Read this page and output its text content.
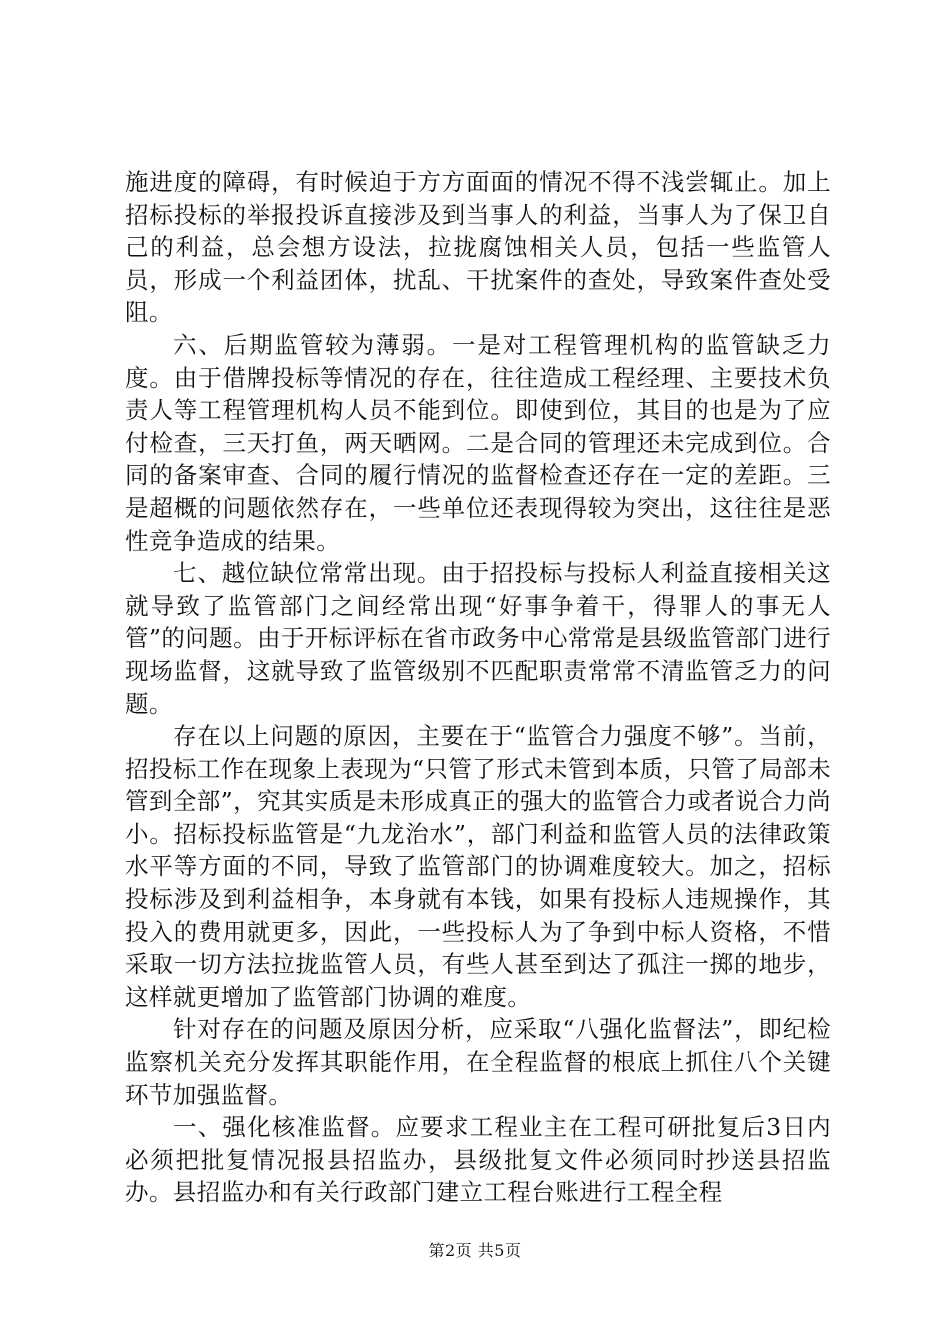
施进度的障碍，有时候迫于方方面面的情况不得不浅尝辄止。加上招标投标的举报投诉直接涉及到当事人的利益，当事人为了保卫自己的利益，总会想方设法，拉拢腐蚀相关人员，包括一些监管人员，形成一个利益团体，扰乱、干扰案件的查处，导致案件查处受阻。

六、后期监管较为薄弱。一是对工程管理机构的监管缺乏力度。由于借牌投标等情况的存在，往往造成工程经理、主要技术负责人等工程管理机构人员不能到位。即使到位，其目的也是为了应付检查，三天打鱼，两天晒网。二是合同的管理还未完成到位。合同的备案审查、合同的履行情况的监督检查还存在一定的差距。三是超概的问题依然存在，一些单位还表现得较为突出，这往往是恶性竞争造成的结果。

七、越位缺位常常出现。由于招投标与投标人利益直接相关这就导致了监管部门之间经常出现“好事争着干，得罪人的事无人管”的问题。由于开标评标在省市政务中心常常是县级监管部门进行现场监督，这就导致了监管级别不匹配职责常常不清监管乏力的问题。

存在以上问题的原因，主要在于“监管合力强度不够”。当前，招投标工作在现象上表现为“只管了形式未管到本质，只管了局部未管到全部”，究其实质是未形成真正的强大的监管合力或者说合力尚小。招标投标监管是“九龙治水”，部门利益和监管人员的法律政策水平等方面的不同，导致了监管部门的协调难度较大。加之，招标投标涉及到利益相争，本身就有本钱，如果有投标人违规操作，其投入的费用就更多，因此，一些投标人为了争到中标人资格，不惜采取一切方法拉拢监管人员，有些人甚至到达了孤注一掷的地步，这样就更增加了监管部门协调的难度。

针对存在的问题及原因分析，应采取“八强化监督法”，即纪检监察机关充分发挥其职能作用，在全程监督的根底上抓住八个关键环节加强监督。

一、强化核准监督。应要求工程业主在工程可研批复后3日内必须把批复情况报县招监办，县级批复文件必须同时抄送县招监办。县招监办和有关行政部门建立工程台账进行工程全程

第2页 共5页
